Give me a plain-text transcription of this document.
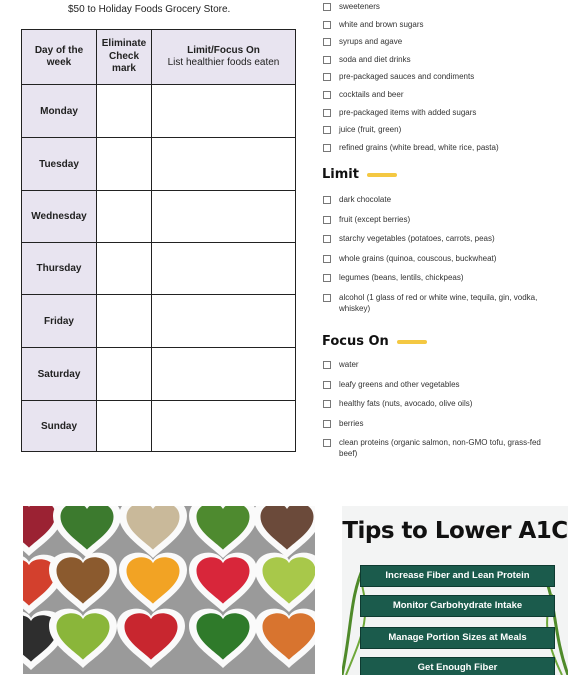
$50 to Holiday Foods Grocery Store.
Day of the week	Eliminate Check mark	Limit/Focus On
List healthier foods eaten

Monday		
Tuesday		
Wednesday		
Thursday		
Friday		
Saturday		
Sunday		
sweeteners
white and brown sugars
syrups and agave
soda and diet drinks
pre-packaged sauces and condiments
cocktails and beer
pre-packaged items with added sugars
juice (fruit, green)
refined grains (white bread, white rice, pasta)
Limit
dark chocolate
fruit (except berries)
starchy vegetables (potatoes, carrots, peas)
whole grains (quinoa, couscous, buckwheat)
legumes (beans, lentils, chickpeas)
alcohol (1 glass of red or white wine, tequila, gin, vodka, whiskey)
Focus On
water
leafy greens and other vegetables
healthy fats (nuts, avocado, olive oils)
berries
clean proteins (organic salmon, non-GMO tofu, grass-fed beef)
Tips to Lower A1C
Increase Fiber and Lean Protein
Monitor Carbohydrate Intake
Manage Portion Sizes at Meals
Get Enough Fiber
